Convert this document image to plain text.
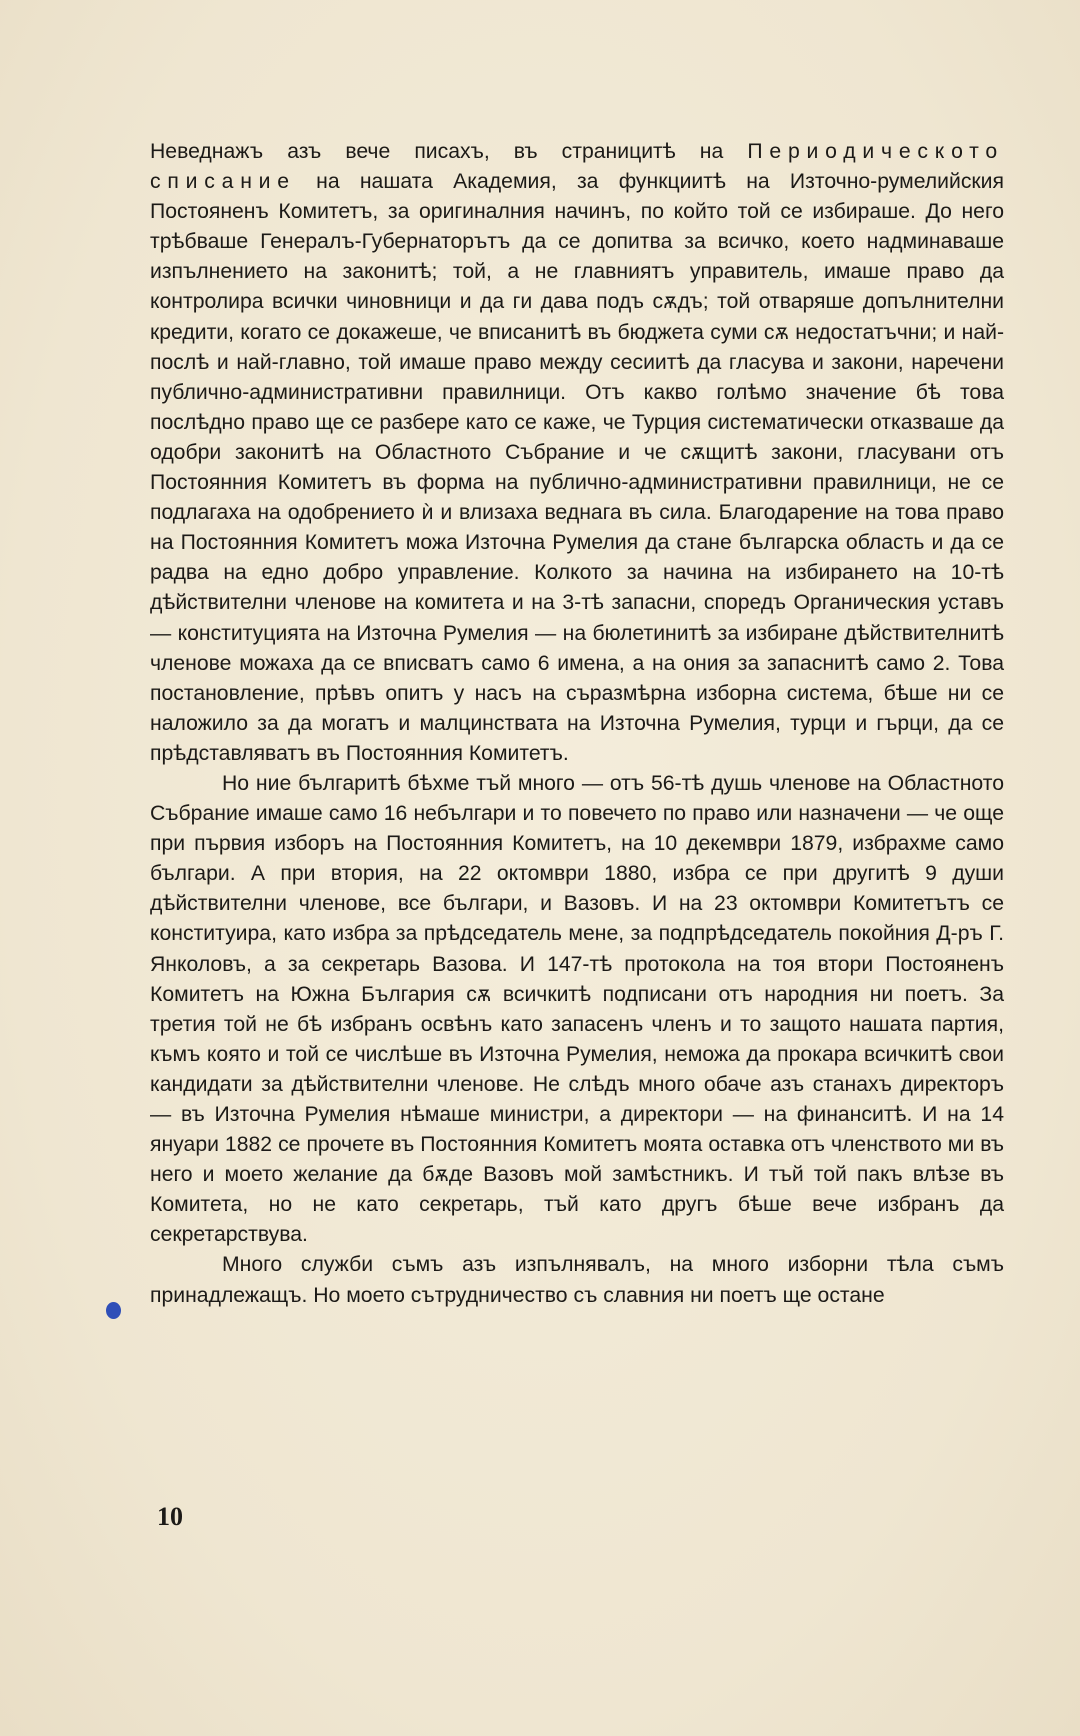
Неведнажъ азъ вече писахъ, въ страницитѣ на Периодическото списание на нашата Академия, за функциитѣ на Източно-румелийския Постояненъ Комитетъ, за оригиналния начинъ, по който той се избираше. До него трѣбваше Генералъ-Губернаторътъ да се допитва за всичко, което надминаваше изпълнението на законитѣ; той, а не главниятъ управитель, имаше право да контролира всички чиновници и да ги дава подъ сѫдъ; той отваряше допълнителни кредити, когато се докажеше, че вписанитѣ въ бюджета суми сѫ недостатъчни; и най-послѣ и най-главно, той имаше право между сесиитѣ да гласува и закони, наречени публично-административни правилници. Отъ какво голѣмо значение бѣ това послѣдно право ще се разбере като се каже, че Турция систематически отказваше да одобри законитѣ на Областното Събрание и че сѫщитѣ закони, гласувани отъ Постоянния Комитетъ въ форма на публично-административни правилници, не се подлагаха на одобрението ѝ и влизаха веднага въ сила. Благодарение на това право на Постоянния Комитетъ можа Източна Румелия да стане българска область и да се радва на едно добро управление. Колкото за начина на избирането на 10-тѣ дѣйствителни членове на комитета и на 3-тѣ запасни, споредъ Органическия уставъ — конституцията на Източна Румелия — на бюлетинитѣ за избиране дѣйствителнитѣ членове можаха да се вписватъ само 6 имена, а на ония за запаснитѣ само 2. Това постановление, прѣвъ опитъ у насъ на съразмѣрна изборна система, бѣше ни се наложило за да могатъ и малцинствата на Източна Румелия, турци и гърци, да се прѣдставляватъ въ Постоянния Комитетъ.

Но ние българитѣ бѣхме тъй много — отъ 56-тѣ душь членове на Областното Събрание имаше само 16 небългари и то повечето по право или назначени — че още при първия изборъ на Постоянния Комитетъ, на 10 декември 1879, избрахме само българи. А при втория, на 22 октомври 1880, избра се при другитѣ 9 души дѣйствителни членове, все българи, и Вазовъ. И на 23 октомври Комитетътъ се конституира, като избра за прѣдседатель мене, за подпрѣдседатель покойния Д-ръ Г. Янколовъ, а за секретарь Вазова. И 147-тѣ протокола на тоя втори Постояненъ Комитетъ на Южна България сѫ всичкитѣ подписани отъ народния ни поетъ. За третия той не бѣ избранъ освѣнъ като запасенъ членъ и то защото нашата партия, къмъ която и той се числѣше въ Източна Румелия, неможа да прокара всичкитѣ свои кандидати за дѣйствителни членове. Не слѣдъ много обаче азъ станахъ директоръ — въ Източна Румелия нѣмаше министри, а директори — на финанситѣ. И на 14 януари 1882 се прочете въ Постоянния Комитетъ моята оставка отъ членството ми въ него и моето желание да бѫде Вазовъ мой замѣстникъ. И тъй той пакъ влѣзе въ Комитета, но не като секретарь, тъй като другъ бѣше вече избранъ да секретарствува.

Много служби съмъ азъ изпълнявалъ, на много изборни тѣла съмъ принадлежащъ. Но моето сътрудничество съ славния ни поетъ ще остане

10
